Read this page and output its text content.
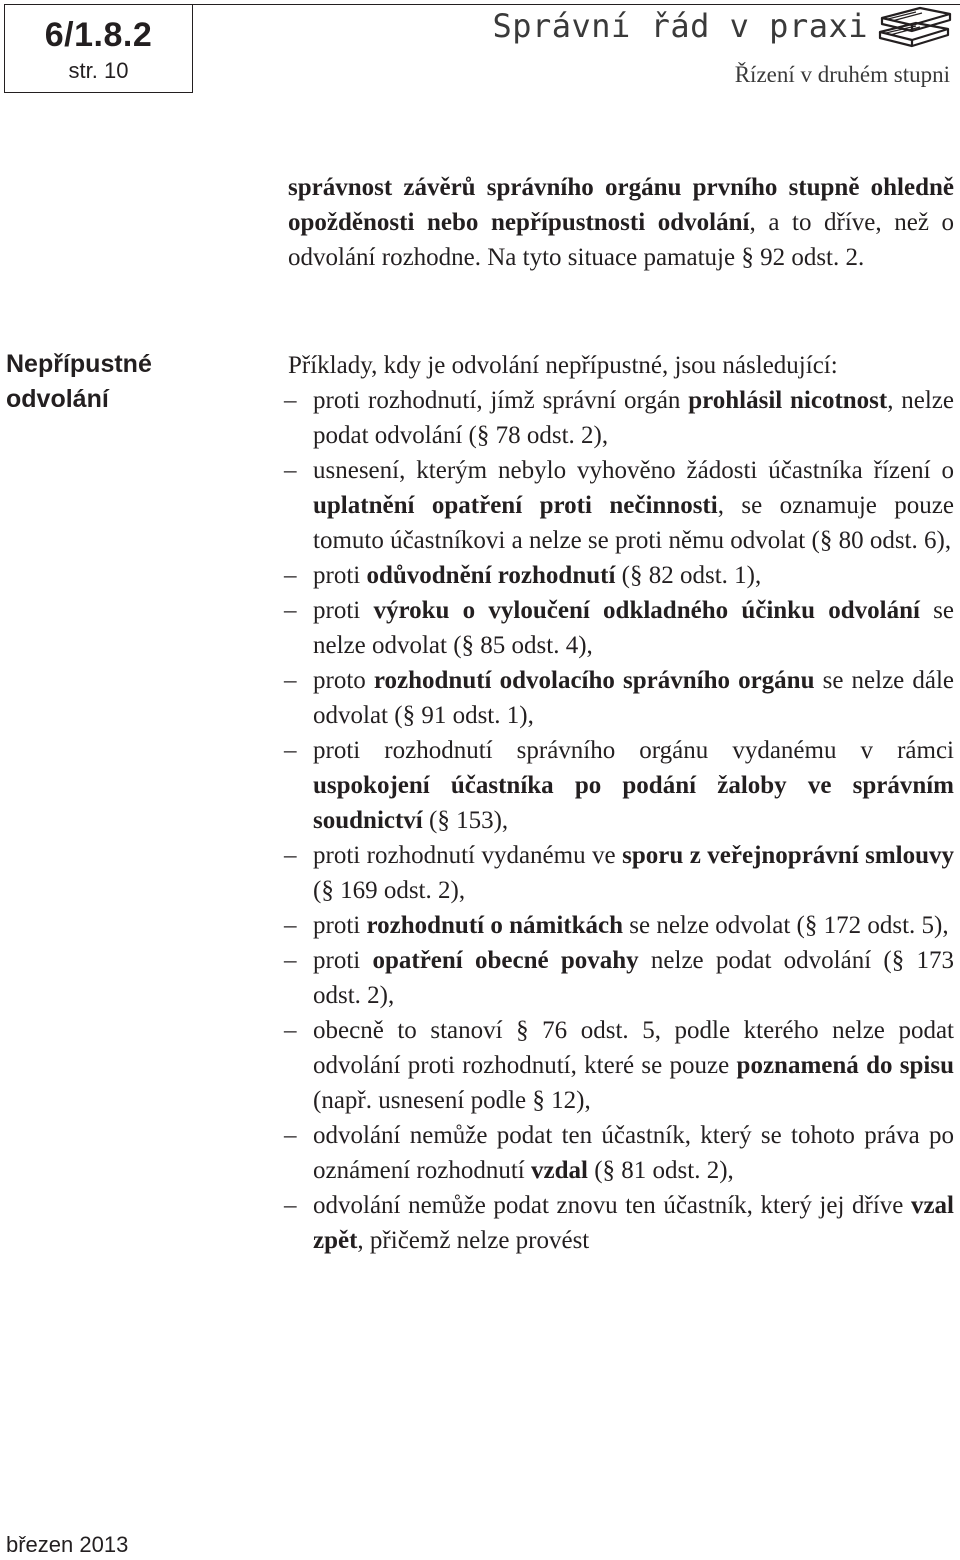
6/1.8.2
str. 10
Správní řád v praxi
Řízení v druhém stupni
Nepřípustné
odvolání

správnost závěrů správního orgánu prvního stupně ohledně opožděnosti nebo nepřípustnosti odvolání, a to dříve, než o odvolání rozhodne. Na tyto situace pamatuje § 92 odst. 2.

Příklady, kdy je odvolání nepřípustné, jsou následující:

– proti rozhodnutí, jímž správní orgán prohlásil nicotnost, nelze podat odvolání (§ 78 odst. 2),
– usnesení, kterým nebylo vyhověno žádosti účastníka řízení o uplatnění opatření proti nečinnosti, se oznamuje pouze tomuto účastníkovi a nelze se proti němu odvolat (§ 80 odst. 6),
– proti odůvodnění rozhodnutí (§ 82 odst. 1),
– proti výroku o vyloučení odkladného účinku odvolání se nelze odvolat (§ 85 odst. 4),
– proto rozhodnutí odvolacího správního orgánu se nelze dále odvolat (§ 91 odst. 1),
– proti rozhodnutí správního orgánu vydanému v rámci uspokojení účastníka po podání žaloby ve správním soudnictví (§ 153),
– proti rozhodnutí vydanému ve sporu z veřejnoprávní smlouvy (§ 169 odst. 2),
– proti rozhodnutí o námitkách se nelze odvolat (§ 172 odst. 5),
– proti opatření obecné povahy nelze podat odvolání (§ 173 odst. 2),
– obecně to stanoví § 76 odst. 5, podle kterého nelze podat odvolání proti rozhodnutí, které se pouze poznamená do spisu (např. usnesení podle § 12),
– odvolání nemůže podat ten účastník, který se tohoto práva po oznámení rozhodnutí vzdal (§ 81 odst. 2),
– odvolání nemůže podat znovu ten účastník, který jej dříve vzal zpět, přičemž nelze provést
březen 2013
